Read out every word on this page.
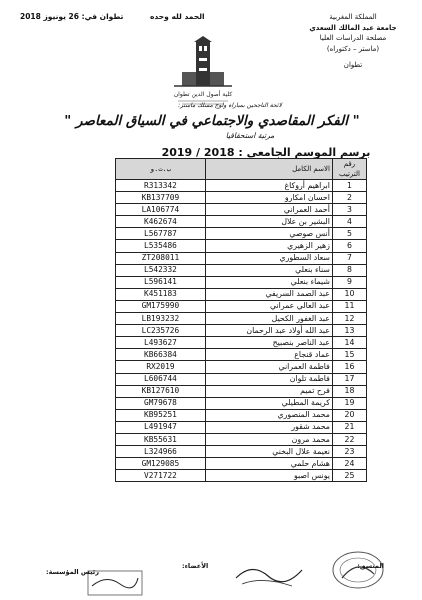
المملكة المغربية
جامعة عبد المالك السعدي
مصلحة الدراسات العليا
(ماستر – دكتوراه)
تطوان
الحمد لله وحده
تطوان في: 26 يونيوز 2018
كلية أصول الدين تطوان
لائحة الناجحين بمباراة ولوج مسلك ماستر:
" الفكر المقاصدي والاجتماعي في السياق المعاصر "
مرتبة استحقاقيا
برسم الموسم الجامعي : 2018 / 2019
ب.ت.و	الاسم الكامل	رقم الترتيب
R313342	ابراهيم أروكاغ	1
KB137709	احسان امكارو	2
LA106774	أحمد العمراني	3
K462674	البشير بن علال	4
L567787	أنس صوصي	5
L535486	زهير الزهيري	6
ZT208011	سعاد السطوري	7
L542332	سناء بنعلي	8
L596141	شيماء بنعلي	9
K451183	عبد الصمد السريفي	10
GM175990	عبد العالي عمراني	11
LB193232	عبد الغفور الكحيل	12
LC235726	عبد الله أولاد عبد الرحمان	13
L493627	عبد الناصر بنصبيح	14
KB66384	عماد قنجاع	15
RX2019	فاطمة العمراني	16
L606744	فاطمة تلوان	17
KB127610	فرح تميم	18
GM79678	كريمة المطيلي	19
KB95251	محمد المنصوري	20
L491947	محمد شقور	21
KB55631	محمد مرون	22
L324966	نعيمة علال البخني	23
GM129085	هشام حلمي	24
V271722	يونس اصبو	25
المنسق:
الأعضاء:
رئيس المؤسسة:
